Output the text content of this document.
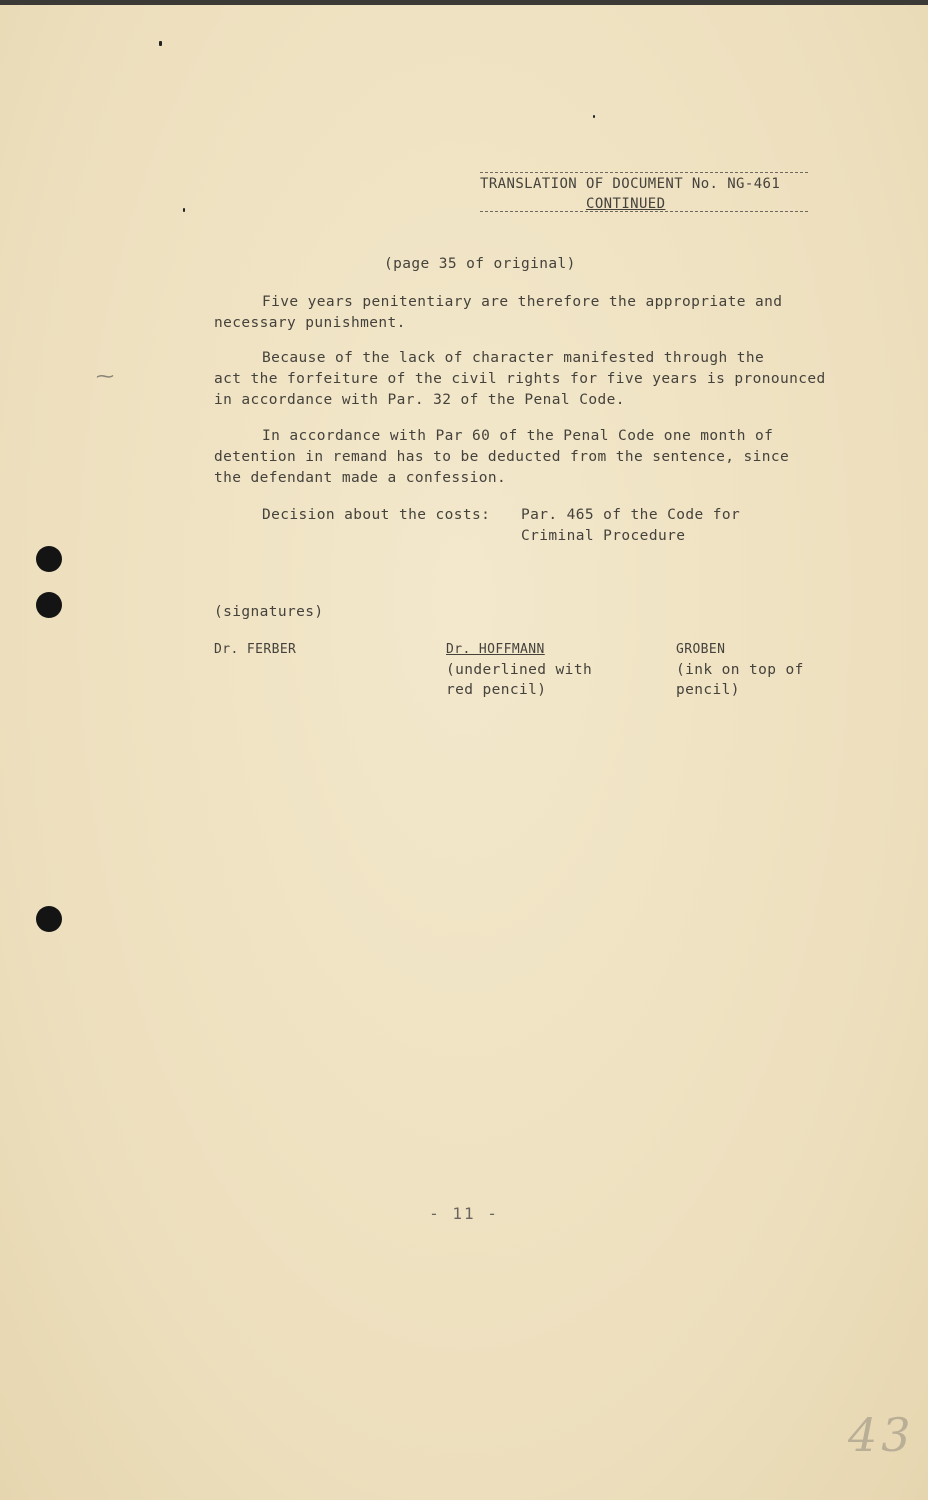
⁓
TRANSLATION OF DOCUMENT No. NG-461
CONTINUED
(page 35 of original)
Five years penitentiary are therefore the appropriate and
necessary punishment.
Because of the lack of character manifested through the
act the forfeiture of the civil rights for five years is pronounced
in accordance with Par. 32 of the Penal Code.
In accordance with Par 60 of the Penal Code one month of
detention in remand has to be deducted from the sentence, since
the defendant made a confession.
Decision about the costs: Par. 465 of the Code for
Criminal Procedure
(signatures)
Dr. FERBER	Dr. HOFFMANN
(underlined with
red pencil)
GROBEN
(ink on top of
pencil)
- 11 -
43
